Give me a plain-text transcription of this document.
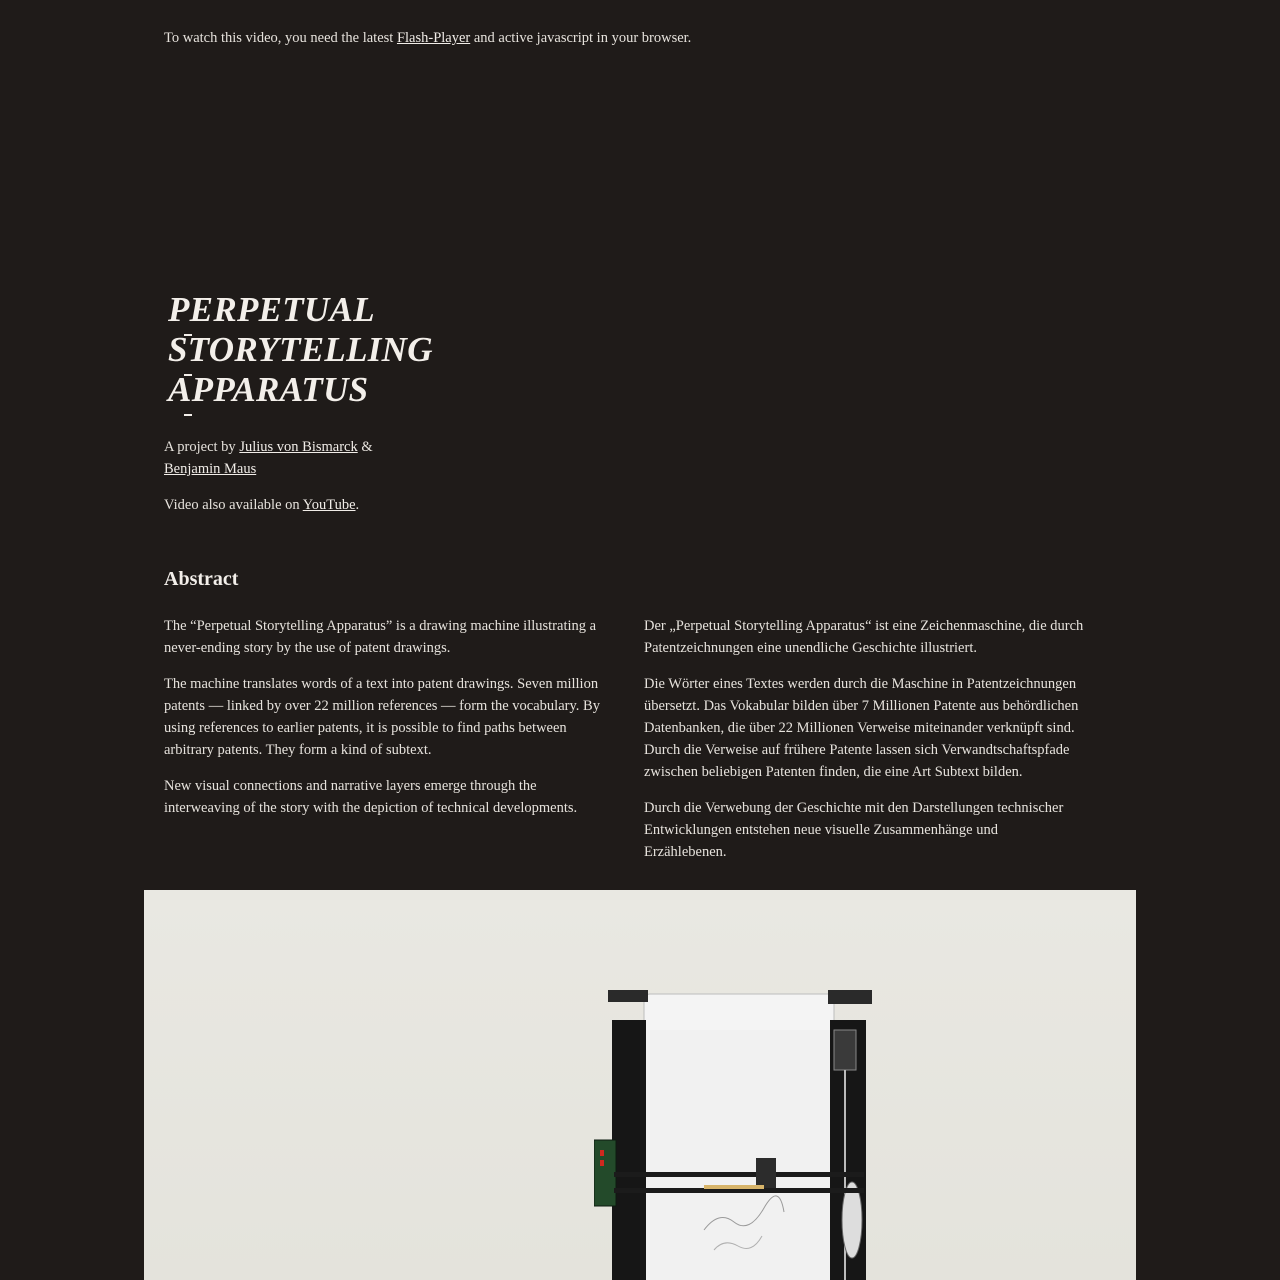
To watch this video, you need the latest Flash-Player and active javascript in your browser.
PERPETUAL
STORYTELLING
APPARATUS

A project by Julius von Bismarck &
Benjamin Maus

Video also available on YouTube.

Abstract

The “Perpetual Storytelling Apparatus” is a drawing machine illustrating a never-ending story by the use of patent drawings.

The machine translates words of a text into patent drawings. Seven million patents — linked by over 22 million references — form the vocabulary. By using references to earlier patents, it is possible to find paths between arbitrary patents. They form a kind of subtext.

New visual connections and narrative layers emerge through the interweaving of the story with the depiction of technical developments.

Der „Perpetual Storytelling Apparatus“ ist eine Zeichenmaschine, die durch Patentzeichnungen eine unendliche Geschichte illustriert.

Die Wörter eines Textes werden durch die Maschine in Patentzeichnungen übersetzt. Das Vokabular bilden über 7 Millionen Patente aus behördlichen Datenbanken, die über 22 Millionen Verweise miteinander verknüpft sind. Durch die Verweise auf frühere Patente lassen sich Verwandtschaftspfade zwischen beliebigen Patenten finden, die eine Art Subtext bilden.

Durch die Verwebung der Geschichte mit den Darstellungen technischer Entwicklungen entstehen neue visuelle Zusammenhänge und Erzählebenen.
